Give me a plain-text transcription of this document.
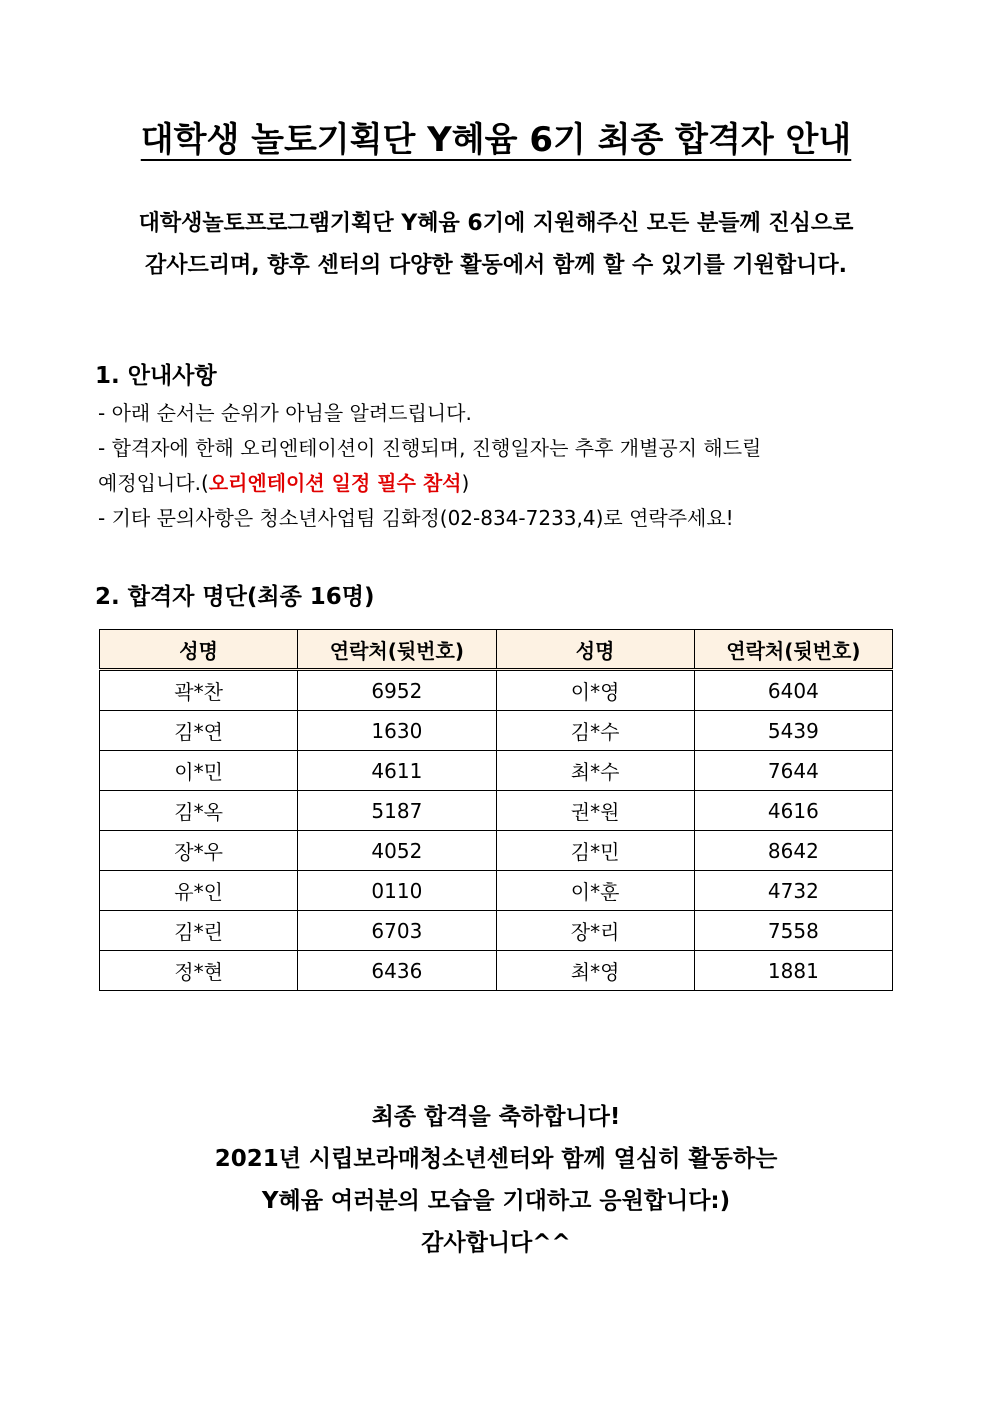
대학생 놀토기획단 Y혜윰 6기 최종 합격자 안내
대학생놀토프로그램기획단 Y혜윰 6기에 지원해주신 모든 분들께 진심으로
감사드리며, 향후 센터의 다양한 활동에서 함께 할 수 있기를 기원합니다.
1. 안내사항

- 아래 순서는 순위가 아님을 알려드립니다.

- 합격자에 한해 오리엔테이션이 진행되며, 진행일자는 추후 개별공지 해드릴

예정입니다.(오리엔테이션 일정 필수 참석)

- 기타 문의사항은 청소년사업팀 김화정(02-834-7233,4)로 연락주세요!

2. 합격자 명단(최종 16명)
성명	연락처(뒷번호)	성명	연락처(뒷번호)
곽*찬	6952	이*영	6404
김*연	1630	김*수	5439
이*민	4611	최*수	7644
김*옥	5187	권*원	4616
장*우	4052	김*민	8642
유*인	0110	이*훈	4732
김*린	6703	장*리	7558
정*현	6436	최*영	1881

최종 합격을 축하합니다!

2021년 시립보라매청소년센터와 함께 열심히 활동하는

Y혜윰 여러분의 모습을 기대하고 응원합니다:)

감사합니다^^
